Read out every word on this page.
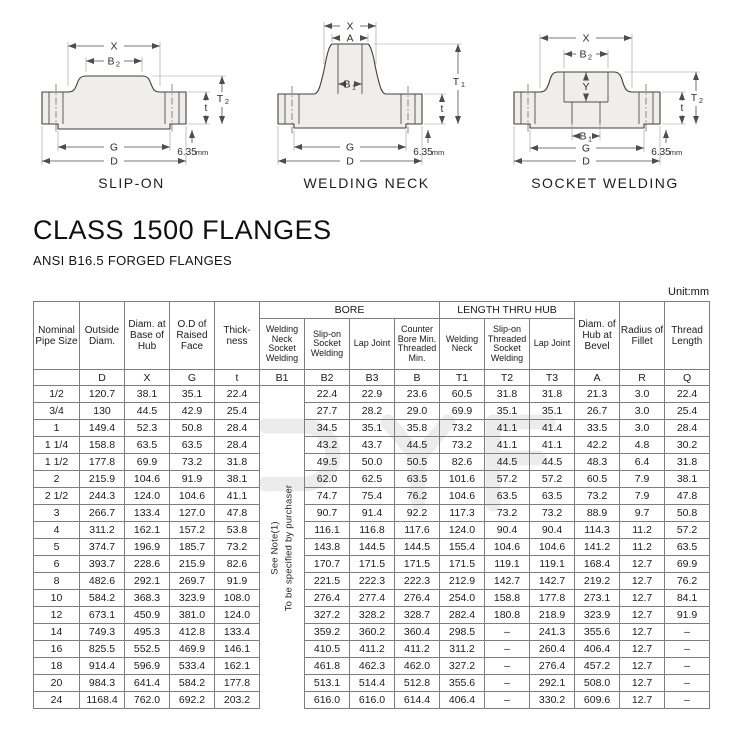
X
B 2
G
D
t
T 2
6.35 mm
SLIP-ON
X
A
B 1
G
D
t
T 1
6.35 mm
WELDING NECK
X
B 2
Y
B 1
G
D
t
T 2
6.35 mm
SOCKET WELDING
CLASS 1500 FLANGES
ANSI B16.5 FORGED FLANGES
Unit:mm
Nominal Pipe Size	Outside Diam.	Diam. at Base of Hub	O.D of Raised Face	Thick-ness	BORE				LENGTH THRU HUB			Diam. of Hub at Bevel	Radius of Fillet	Thread Length
					Welding Neck Socket Welding	Slip-on Socket Welding	Lap Joint	Counter Bore Min. Threaded Min.	Welding Neck	Slip-on Threaded Socket Welding	Lap Joint			
	D	X	G	t	B1	B2	B3	B	T1	T2	T3	A	R	Q
1/2	120.7	38.1	35.1	22.4		22.4	22.9	23.6	60.5	31.8	31.8	21.3	3.0	22.4
3/4	130	44.5	42.9	25.4		27.7	28.2	29.0	69.9	35.1	35.1	26.7	3.0	25.4
1	149.4	52.3	50.8	28.4		34.5	35.1	35.8	73.2	41.1	41.4	33.5	3.0	28.4
1 1/4	158.8	63.5	63.5	28.4		43.2	43.7	44.5	73.2	41.1	41.1	42.2	4.8	30.2
1 1/2	177.8	69.9	73.2	31.8		49.5	50.0	50.5	82.6	44.5	44.5	48.3	6.4	31.8
2	215.9	104.6	91.9	38.1		62.0	62.5	63.5	101.6	57.2	57.2	60.5	7.9	38.1
2 1/2	244.3	124.0	104.6	41.1		74.7	75.4	76.2	104.6	63.5	63.5	73.2	7.9	47.8
3	266.7	133.4	127.0	47.8		90.7	91.4	92.2	117.3	73.2	73.2	88.9	9.7	50.8
4	311.2	162.1	157.2	53.8		116.1	116.8	117.6	124.0	90.4	90.4	114.3	11.2	57.2
5	374.7	196.9	185.7	73.2		143.8	144.5	144.5	155.4	104.6	104.6	141.2	11.2	63.5
6	393.7	228.6	215.9	82.6		170.7	171.5	171.5	171.5	119.1	119.1	168.4	12.7	69.9
8	482.6	292.1	269.7	91.9		221.5	222.3	222.3	212.9	142.7	142.7	219.2	12.7	76.2
10	584.2	368.3	323.9	108.0		276.4	277.4	276.4	254.0	158.8	177.8	273.1	12.7	84.1
12	673.1	450.9	381.0	124.0		327.2	328.2	328.7	282.4	180.8	218.9	323.9	12.7	91.9
14	749.3	495.3	412.8	133.4		359.2	360.2	360.4	298.5	–	241.3	355.6	12.7	–
16	825.5	552.5	469.9	146.1		410.5	411.2	411.2	311.2	–	260.4	406.4	12.7	–
18	914.4	596.9	533.4	162.1		461.8	462.3	462.0	327.2	–	276.4	457.2	12.7	–
20	984.3	641.4	584.2	177.8		513.1	514.4	512.8	355.6	–	292.1	508.0	12.7	–
24	1168.4	762.0	692.2	203.2		616.0	616.0	614.4	406.4	–	330.2	609.6	12.7	–
See Note(1) To be specified by purchaser
